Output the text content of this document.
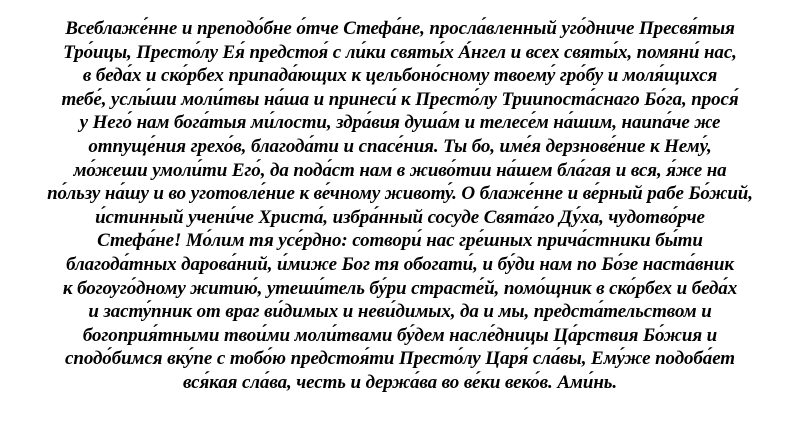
Всеблаже́нне и преподо́бне о́тче Стефа́не, просла́вленный уго́дниче Пресвя́тыя
Тро́ицы, Престо́лу Ея́ предстоя́ с ли́ки святы́х А́нгел и всех святы́х, помяни́ нас,
в беда́х и ско́рбех припада́ющих к цельбоно́сному твоему́ гро́бу и моля́щихся
тебе́, услы́ши моли́твы на́ша и принеси́ к Престо́лу Триипоста́снаго Бо́га, прося́
у Него́ нам бога́тыя ми́лости, здра́вия душа́м и телесе́м на́шим, наипа́че же
отпуще́ния грехо́в, благода́ти и спасе́ния. Ты бо, име́я дерзнове́ние к Нему́,
мо́жеши умоли́ти Его́, да пода́ст нам в живо́тии на́шем бла́гая и вся, я́же на
по́льзу на́шу и во уготовле́ние к ве́чному животу́. О блаже́нне и ве́рный рабе Бо́жий,
и́стинный учени́че Христа́, избра́нный сосуде Свята́го Ду́ха, чудотво́рче
Стефа́не! Мо́лим тя усе́рдно: сотвори́ нас гре́шных прича́стники бы́ти
благода́тных дарова́ний, и́миже Бог тя обогати́, и бу́ди нам по Бо́зе наста́вник
к богоуго́дному житию́, утеши́тель бу́ри страсте́й, помо́щник в ско́рбех и беда́х
и засту́пник от враг ви́димых и неви́димых, да и мы, предста́тельством и
богоприя́тными твои́ми моли́твами бу́дем насле́дницы Ца́рствия Бо́жия и
сподо́бимся вку́пе с тобо́ю предстоя́ти Престо́лу Царя́ сла́вы, Ему́же подоба́ет
вся́кая сла́ва, честь и держа́ва во ве́ки веко́в. Ами́нь.
